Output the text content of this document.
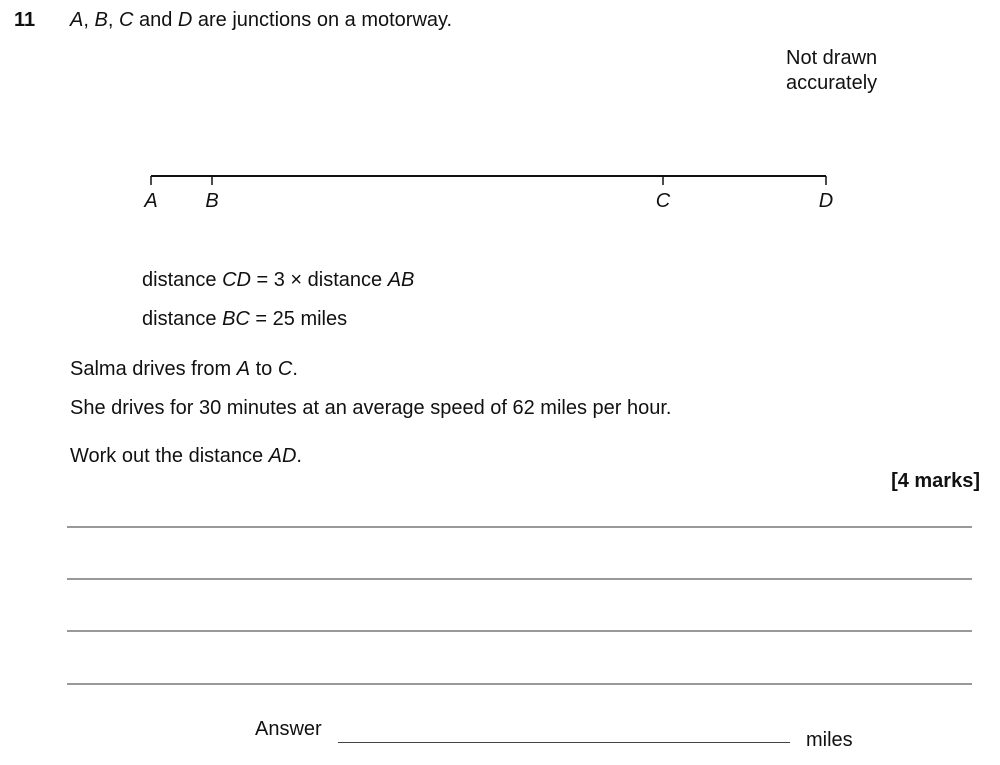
11 A, B, C and D are junctions on a motorway.
Not drawn
accurately
A B	C	D
distance CD = 3 × distance AB
distance BC = 25 miles
Salma drives from A to C.
She drives for 30 minutes at an average speed of 62 miles per hour.
Work out the distance AD.
[4 marks]
Answer	miles
